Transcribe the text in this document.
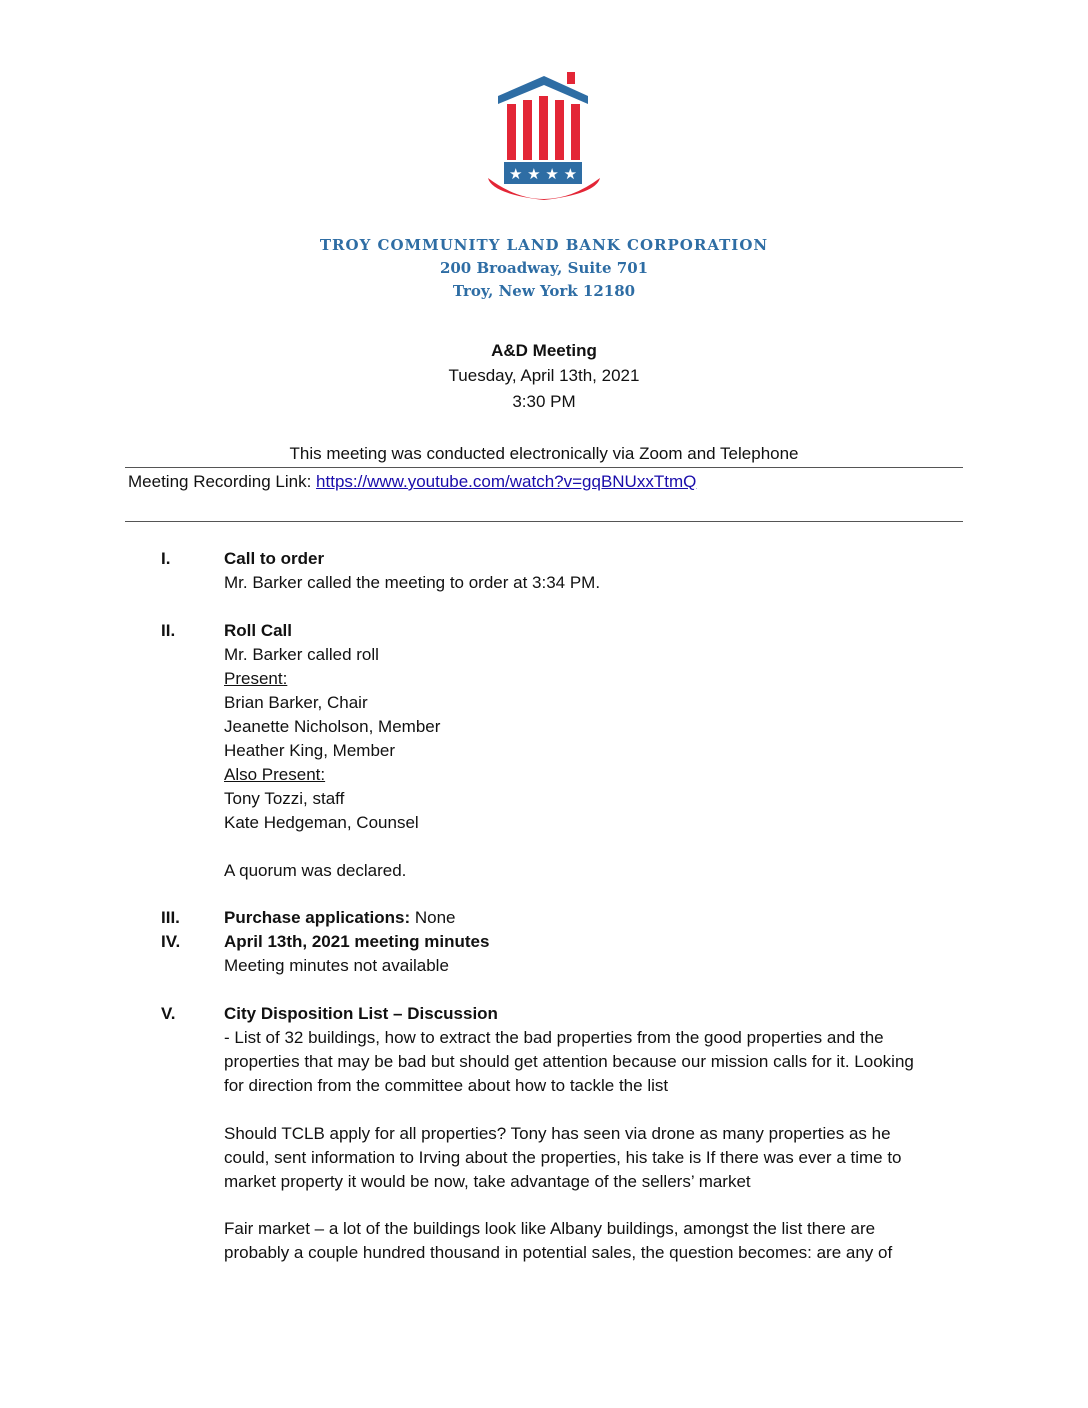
★ ★ ★ ★
TROY COMMUNITY LAND BANK CORPORATION
200 Broadway, Suite 701
Troy, New York 12180
A&D Meeting
Tuesday, April 13th, 2021
3:30 PM
This meeting was conducted electronically via Zoom and Telephone
Meeting Recording Link: https://www.youtube.com/watch?v=gqBNUxxTtmQ
I.	Call to order
Mr. Barker called the meeting to order at 3:34 PM.
II.	Roll Call
Mr. Barker called roll
Present:
Brian Barker, Chair
Jeanette Nicholson, Member
Heather King, Member
Also Present:
Tony Tozzi, staff
Kate Hedgeman, Counsel
A quorum was declared.
III.	Purchase applications: None
IV.	April 13th, 2021 meeting minutes
Meeting minutes not available
V.	City Disposition List – Discussion
- List of 32 buildings, how to extract the bad properties from the good properties and the
properties that may be bad but should get attention because our mission calls for it. Looking
for direction from the committee about how to tackle the list
Should TCLB apply for all properties? Tony has seen via drone as many properties as he
could, sent information to Irving about the properties, his take is If there was ever a time to
market property it would be now, take advantage of the sellers’ market
Fair market – a lot of the buildings look like Albany buildings, amongst the list there are
probably a couple hundred thousand in potential sales, the question becomes: are any of
